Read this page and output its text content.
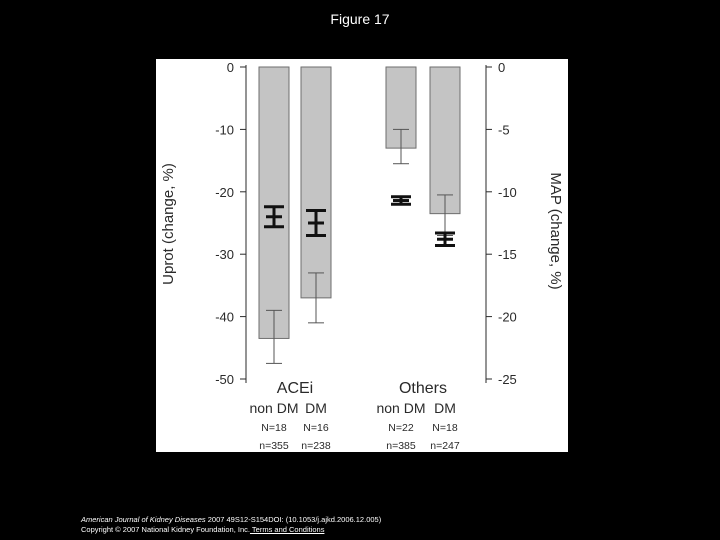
Figure 17
0
-10
-20
-30
-40
-50
0
-5
-10
-15
-20
-25
Uprot (change, %)	MAP (change, %)
ACEi	Others
non DM
N=18
n=355
DM
N=16
n=238
non DM
N=22
n=385
DM
N=18
n=247
American Journal of Kidney Diseases 2007 49S12-S154DOI: (10.1053/j.ajkd.2006.12.005)
Copyright © 2007 National Kidney Foundation, Inc. Terms and Conditions
